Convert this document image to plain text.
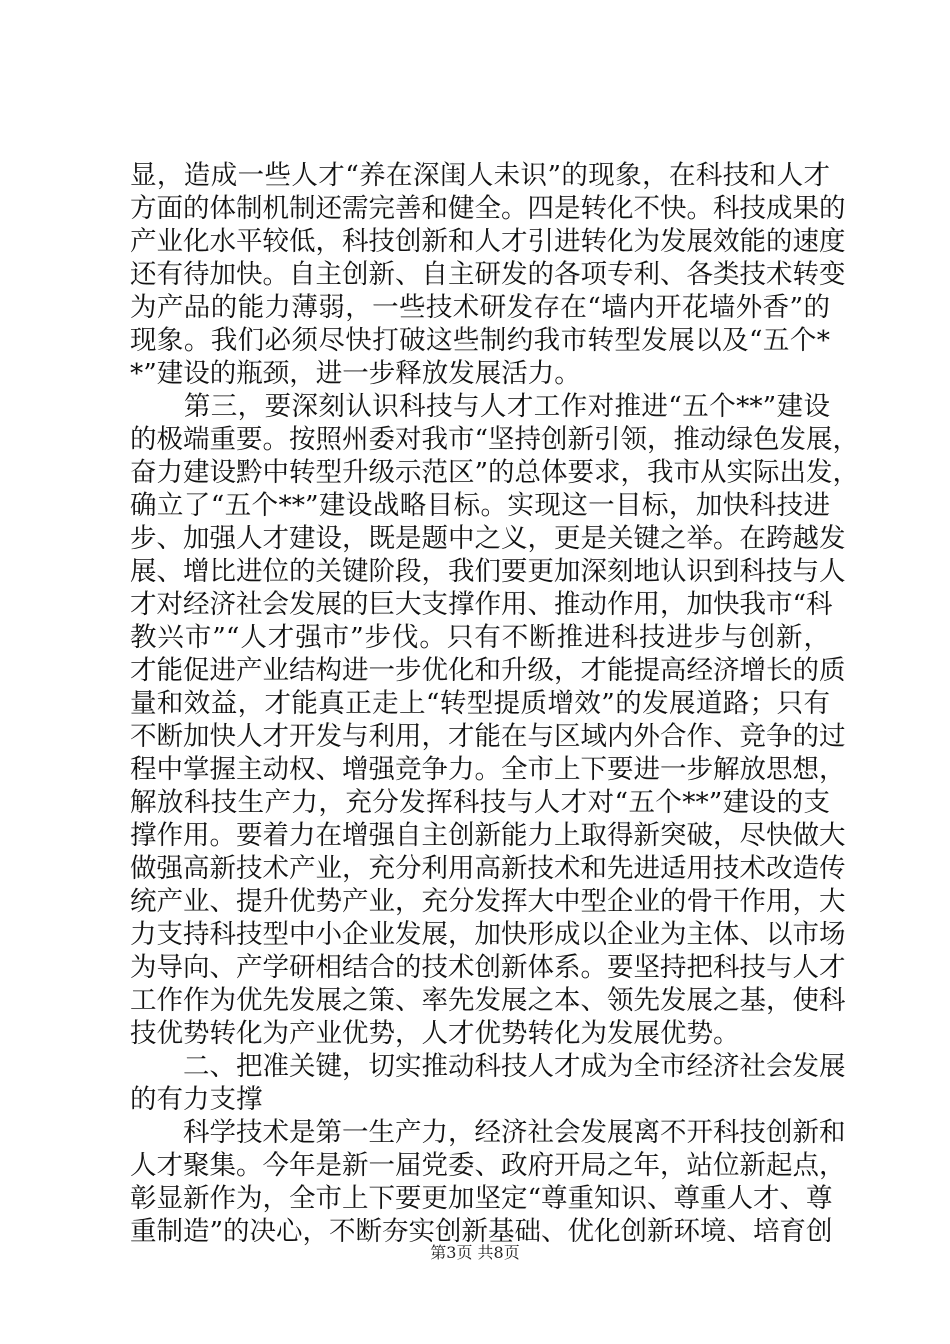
显，造成一些人才“养在深闺人未识”的现象，在科技和人才
方面的体制机制还需完善和健全。四是转化不快。科技成果的
产业化水平较低，科技创新和人才引进转化为发展效能的速度
还有待加快。自主创新、自主研发的各项专利、各类技术转变
为产品的能力薄弱，一些技术研发存在“墙内开花墙外香”的
现象。我们必须尽快打破这些制约我市转型发展以及“五个*
*”建设的瓶颈，进一步释放发展活力。
　　第三，要深刻认识科技与人才工作对推进“五个**”建设
的极端重要。按照州委对我市“坚持创新引领，推动绿色发展，
奋力建设黔中转型升级示范区”的总体要求，我市从实际出发，
确立了“五个**”建设战略目标。实现这一目标，加快科技进
步、加强人才建设，既是题中之义，更是关键之举。在跨越发
展、增比进位的关键阶段，我们要更加深刻地认识到科技与人
才对经济社会发展的巨大支撑作用、推动作用，加快我市“科
教兴市”“人才强市”步伐。只有不断推进科技进步与创新，
才能促进产业结构进一步优化和升级，才能提高经济增长的质
量和效益，才能真正走上“转型提质增效”的发展道路；只有
不断加快人才开发与利用，才能在与区域内外合作、竞争的过
程中掌握主动权、增强竞争力。全市上下要进一步解放思想，
解放科技生产力，充分发挥科技与人才对“五个**”建设的支
撑作用。要着力在增强自主创新能力上取得新突破，尽快做大
做强高新技术产业，充分利用高新技术和先进适用技术改造传
统产业、提升优势产业，充分发挥大中型企业的骨干作用，大
力支持科技型中小企业发展，加快形成以企业为主体、以市场
为导向、产学研相结合的技术创新体系。要坚持把科技与人才
工作作为优先发展之策、率先发展之本、领先发展之基，使科
技优势转化为产业优势，人才优势转化为发展优势。
　　二、把准关键，切实推动科技人才成为全市经济社会发展
的有力支撑
　　科学技术是第一生产力，经济社会发展离不开科技创新和
人才聚集。今年是新一届党委、政府开局之年，站位新起点，
彰显新作为，全市上下要更加坚定“尊重知识、尊重人才、尊
重制造”的决心，不断夯实创新基础、优化创新环境、培育创
第3页 共8页
